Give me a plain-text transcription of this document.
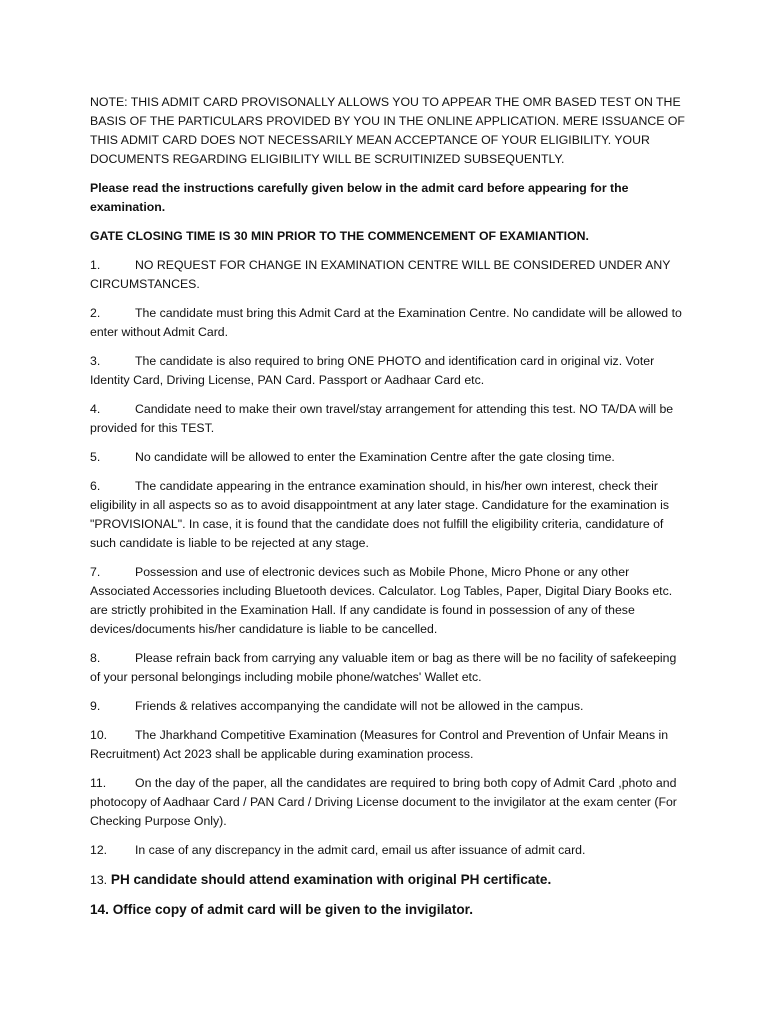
NOTE: THIS ADMIT CARD PROVISONALLY ALLOWS YOU TO APPEAR THE OMR BASED TEST ON THE BASIS OF THE PARTICULARS PROVIDED BY YOU IN THE ONLINE APPLICATION. MERE ISSUANCE OF THIS ADMIT CARD DOES NOT NECESSARILY MEAN ACCEPTANCE OF YOUR ELIGIBILITY. YOUR DOCUMENTS REGARDING ELIGIBILITY WILL BE SCRUITINIZED SUBSEQUENTLY.

Please read the instructions carefully given below in the admit card before appearing for the examination.

GATE CLOSING TIME IS 30 MIN PRIOR TO THE COMMENCEMENT OF EXAMIANTION.

1.	NO REQUEST FOR CHANGE IN EXAMINATION CENTRE WILL BE CONSIDERED UNDER ANY CIRCUMSTANCES.
2.	The candidate must bring this Admit Card at the Examination Centre. No candidate will be allowed to enter without Admit Card.
3.	The candidate is also required to bring ONE PHOTO and identification card in original viz. Voter Identity Card, Driving License, PAN Card. Passport or Aadhaar Card etc.
4.	Candidate need to make their own travel/stay arrangement for attending this test. NO TA/DA will be provided for this TEST.
5.	No candidate will be allowed to enter the Examination Centre after the gate closing time.
6.	The candidate appearing in the entrance examination should, in his/her own interest, check their eligibility in all aspects so as to avoid disappointment at any later stage. Candidature for the examination is "PROVISIONAL". In case, it is found that the candidate does not fulfill the eligibility criteria, candidature of such candidate is liable to be rejected at any stage.
7.	Possession and use of electronic devices such as Mobile Phone, Micro Phone or any other Associated Accessories including Bluetooth devices. Calculator. Log Tables, Paper, Digital Diary Books etc. are strictly prohibited in the Examination Hall. If any candidate is found in possession of any of these devices/documents his/her candidature is liable to be cancelled.
8.	Please refrain back from carrying any valuable item or bag as there will be no facility of safekeeping of your personal belongings including mobile phone/watches' Wallet etc.
9.	Friends & relatives accompanying the candidate will not be allowed in the campus.
10. The Jharkhand Competitive Examination (Measures for Control and Prevention of Unfair Means in Recruitment) Act 2023 shall be applicable during examination process.
11. On the day of the paper, all the candidates are required to bring both copy of Admit Card ,photo and photocopy of Aadhaar Card / PAN Card / Driving License document to the invigilator at the exam center (For Checking Purpose Only).
12. In case of any discrepancy in the admit card, email us after issuance of admit card.
13. PH candidate should attend examination with original PH certificate.
14. Office copy of admit card will be given to the invigilator.
